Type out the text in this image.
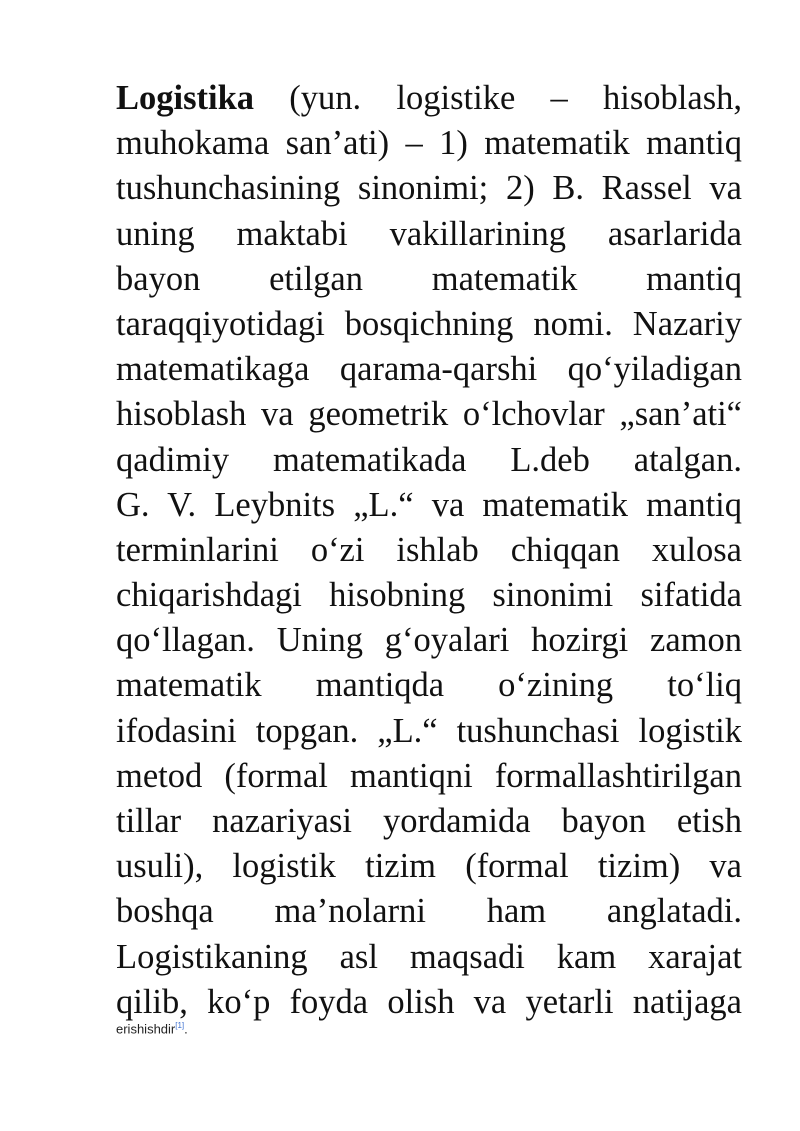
Logistika (yun. logistike – hisoblash,
muhokama san’ati) – 1) matematik mantiq
tushunchasining sinonimi; 2) B. Rassel va
uning maktabi vakillarining asarlarida
bayon etilgan matematik mantiq
taraqqiyotidagi bosqichning nomi. Nazariy
matematikaga qarama-qarshi qo‘yiladigan
hisoblash va geometrik o‘lchovlar „san’ati“
qadimiy matematikada L.deb atalgan.
G. V. Leybnits „L.“ va matematik mantiq
terminlarini o‘zi ishlab chiqqan xulosa
chiqarishdagi hisobning sinonimi sifatida
qo‘llagan. Uning g‘oyalari hozirgi zamon
matematik mantiqda o‘zining to‘liq
ifodasini topgan. „L.“ tushunchasi logistik
metod (formal mantiqni formallashtirilgan
tillar nazariyasi yordamida bayon etish
usuli), logistik tizim (formal tizim) va
boshqa ma’nolarni ham anglatadi.
Logistikaning asl maqsadi kam xarajat
qilib, ko‘p foyda olish va yetarli natijaga
erishishdir[1].
